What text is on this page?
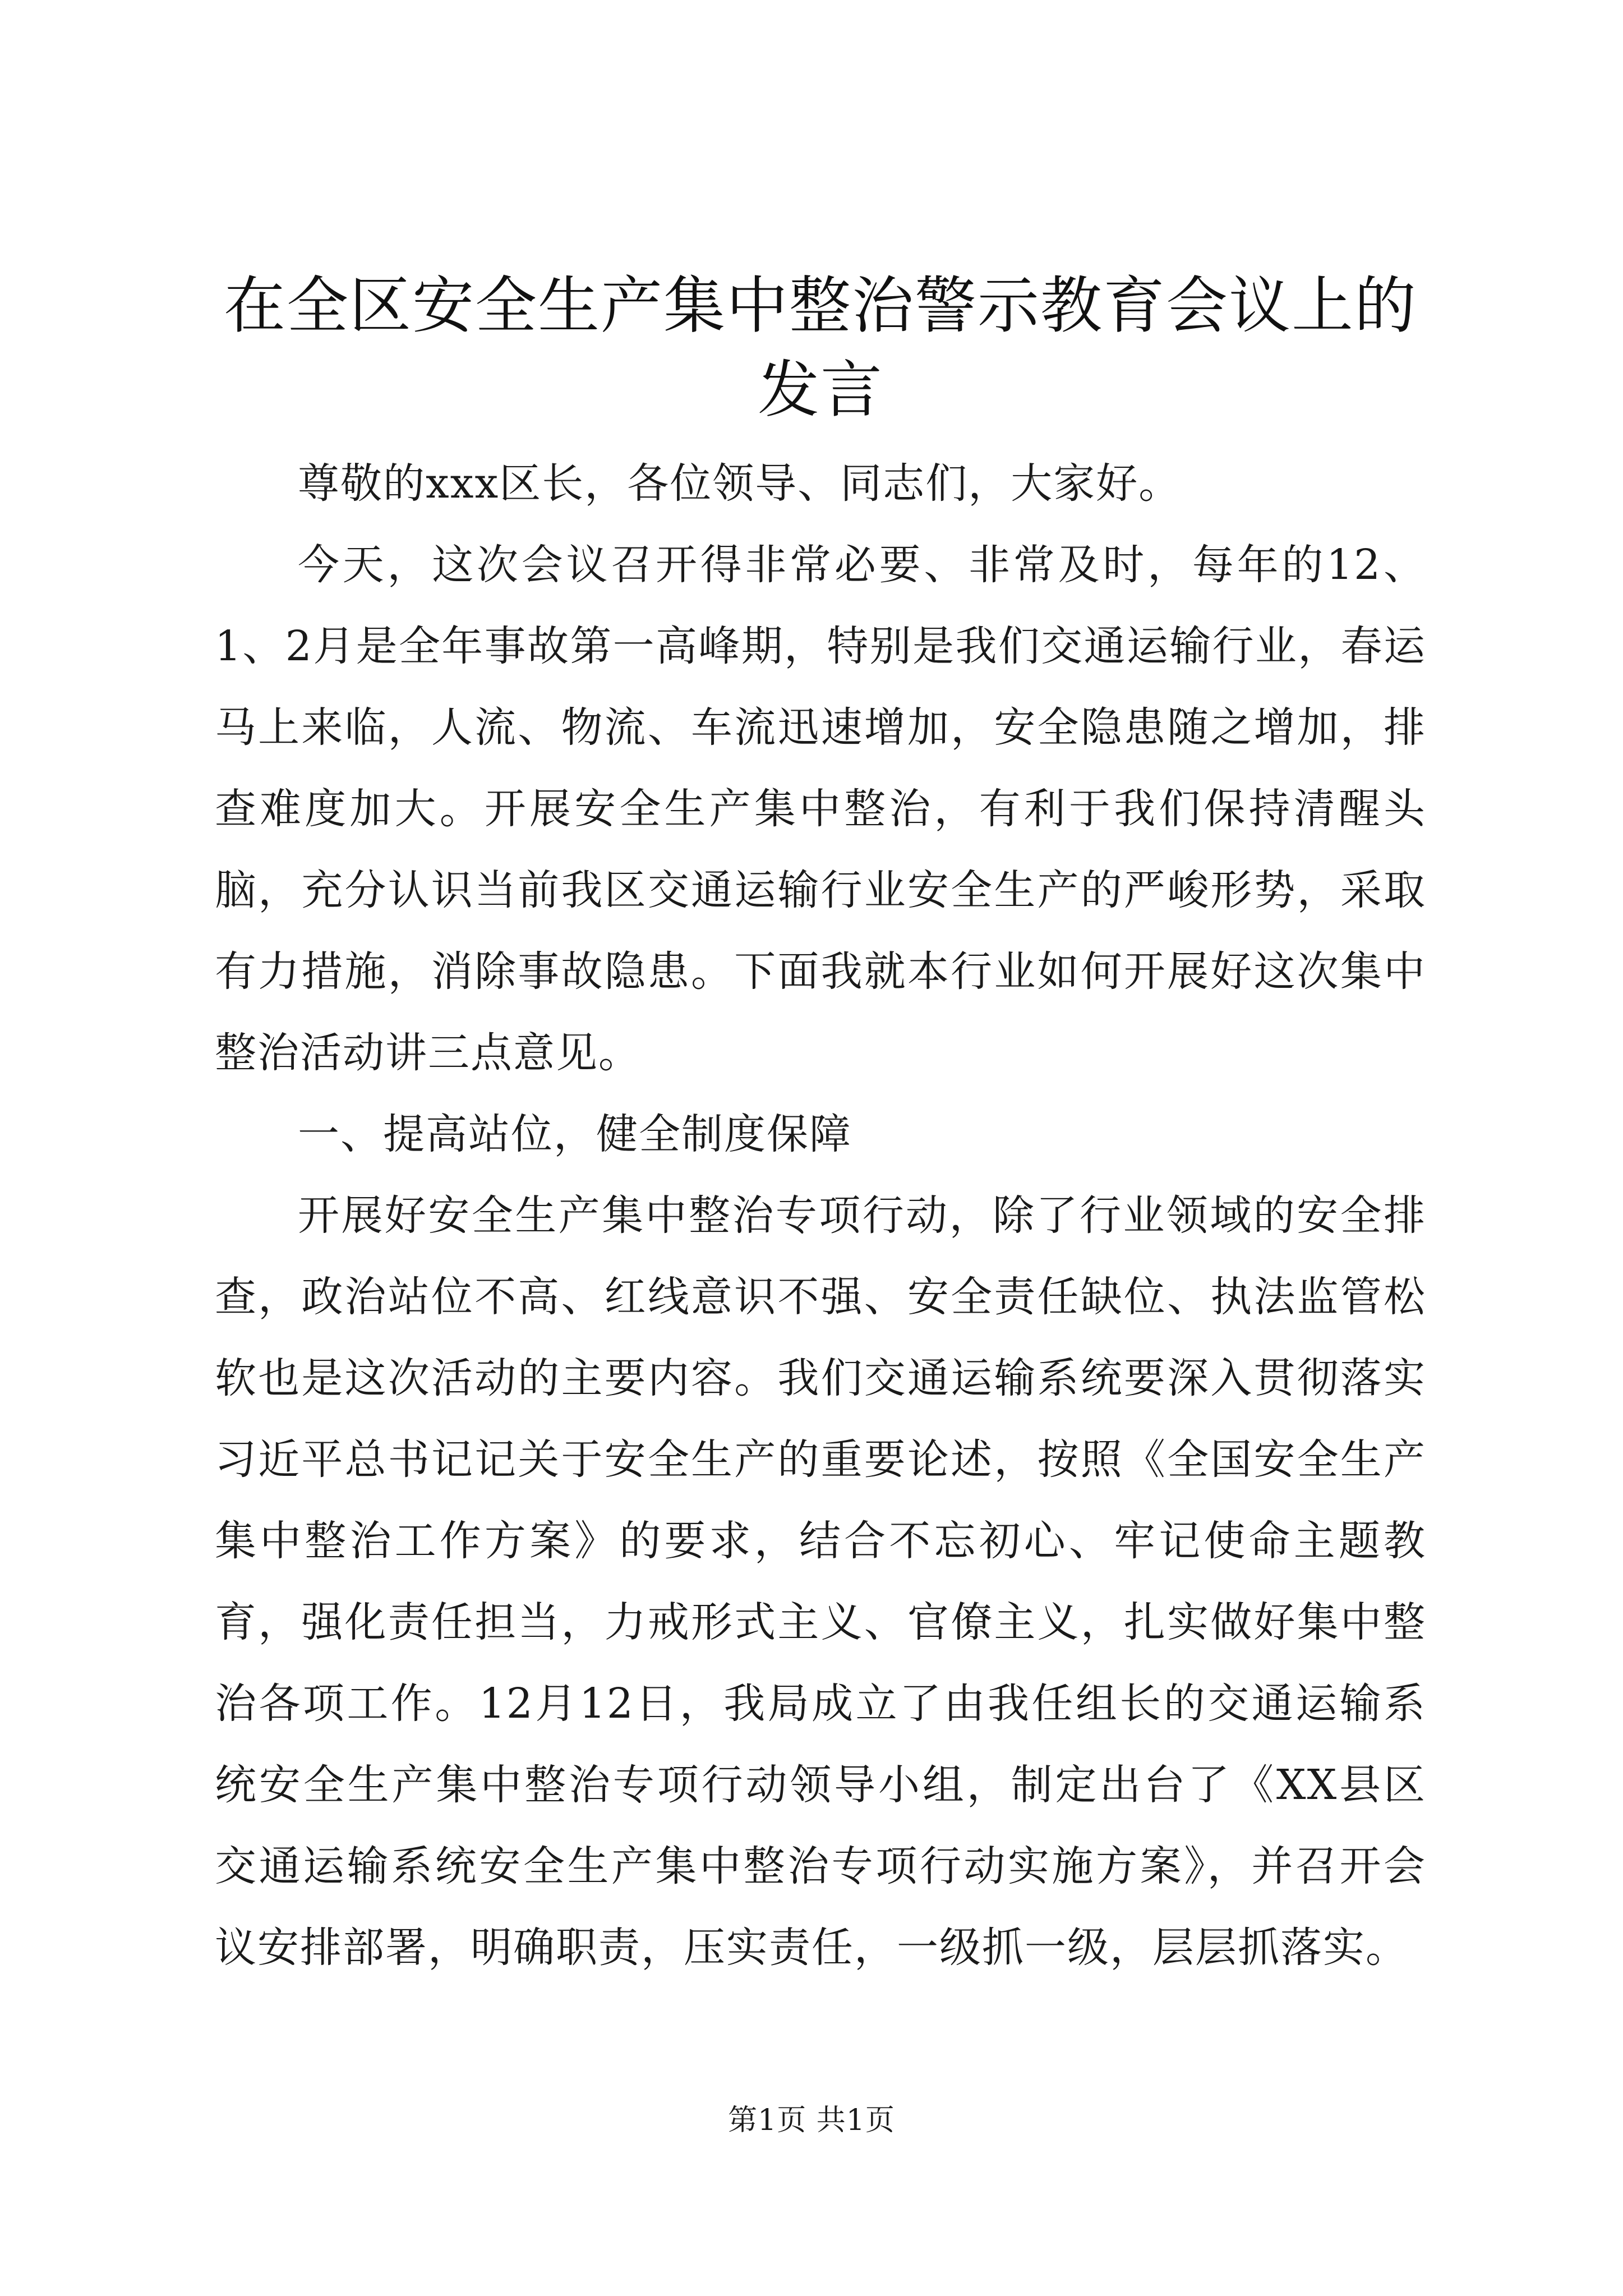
在全区安全生产集中整治警示教育会议上的发言

尊敬的xxx区长，各位领导、同志们，大家好。

今天，这次会议召开得非常必要、非常及时，每年的12、1、2月是全年事故第一高峰期，特别是我们交通运输行业，春运马上来临，人流、物流、车流迅速增加，安全隐患随之增加，排查难度加大。开展安全生产集中整治，有利于我们保持清醒头脑，充分认识当前我区交通运输行业安全生产的严峻形势，采取有力措施，消除事故隐患。下面我就本行业如何开展好这次集中整治活动讲三点意见。

一、提高站位，健全制度保障

开展好安全生产集中整治专项行动，除了行业领域的安全排查，政治站位不高、红线意识不强、安全责任缺位、执法监管松软也是这次活动的主要内容。我们交通运输系统要深入贯彻落实习近平总书记记关于安全生产的重要论述，按照《全国安全生产集中整治工作方案》的要求，结合不忘初心、牢记使命主题教育，强化责任担当，力戒形式主义、官僚主义，扎实做好集中整治各项工作。12月12日，我局成立了由我任组长的交通运输系统安全生产集中整治专项行动领导小组，制定出台了《XX县区交通运输系统安全生产集中整治专项行动实施方案》，并召开会议安排部署，明确职责，压实责任，一级抓一级，层层抓落实。

第1页 共1页
